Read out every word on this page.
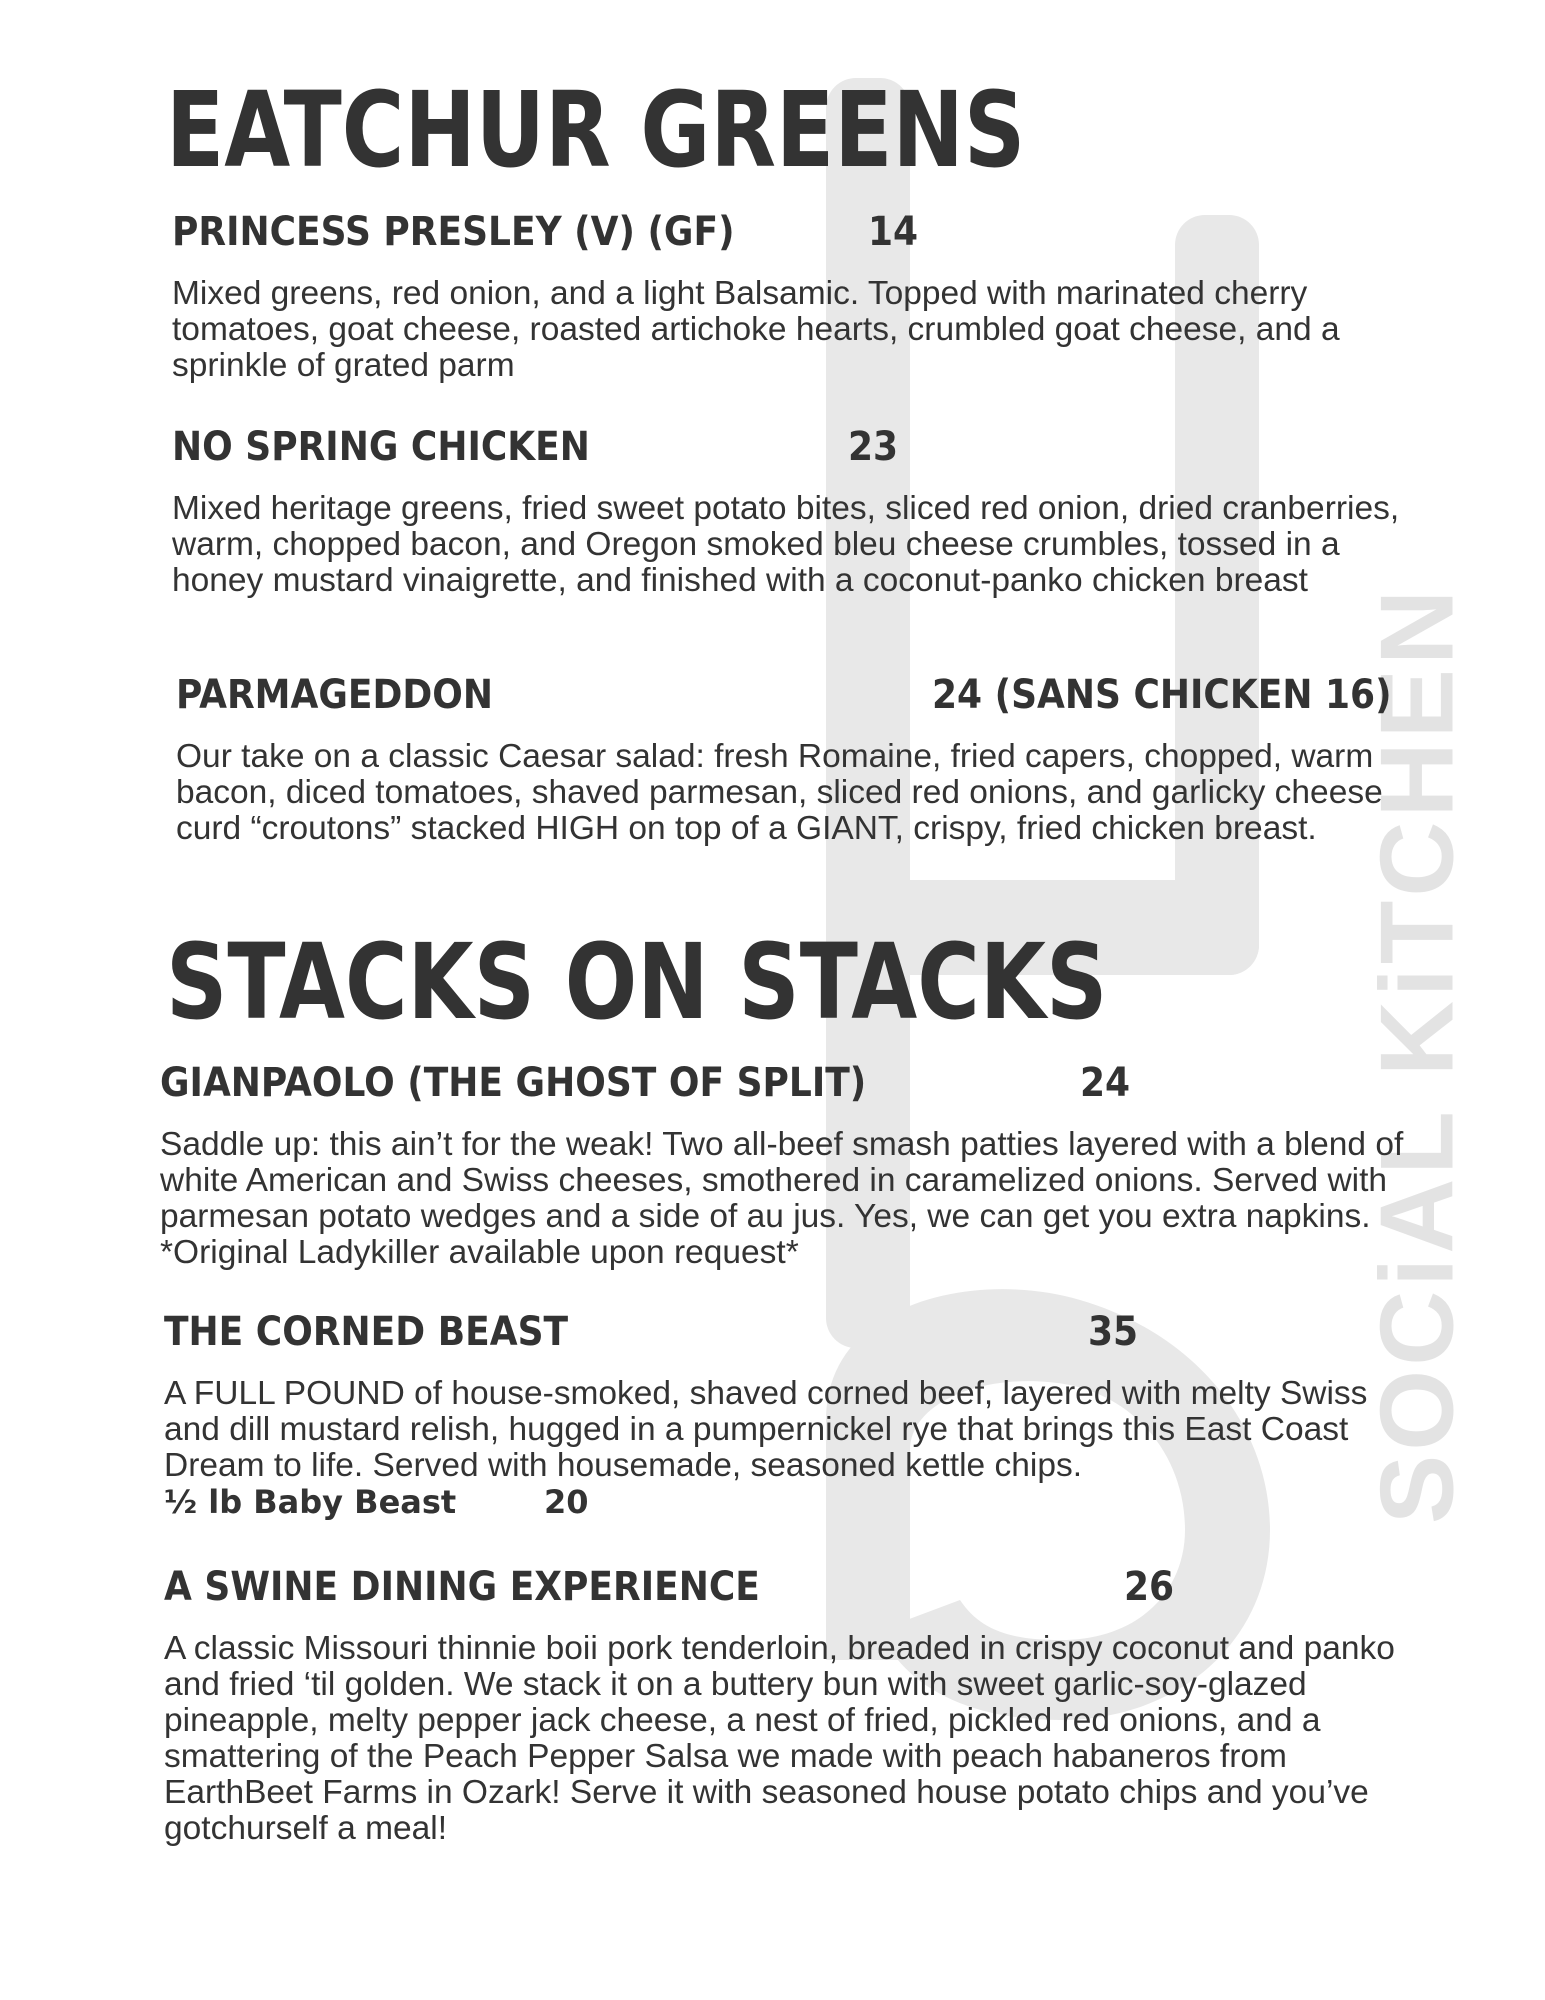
SOCiAL KiTCHEN
EATCHUR GREENS
PRINCESS PRESLEY (V) (GF)	14
Mixed greens, red onion, and a light Balsamic. Topped with marinated cherry tomatoes, goat cheese, roasted artichoke hearts, crumbled goat cheese, and a sprinkle of grated parm
NO SPRING CHICKEN	23
Mixed heritage greens, fried sweet potato bites, sliced red onion, dried cranberries, warm, chopped bacon, and Oregon smoked bleu cheese crumbles, tossed in a honey mustard vinaigrette, and finished with a coconut-panko chicken breast
PARMAGEDDON	24 (SANS CHICKEN 16)
Our take on a classic Caesar salad: fresh Romaine, fried capers, chopped, warm bacon, diced tomatoes, shaved parmesan, sliced red onions, and garlicky cheese curd “croutons” stacked HIGH on top of a GIANT, crispy, fried chicken breast.
STACKS ON STACKS
GIANPAOLO (THE GHOST OF SPLIT)	24
Saddle up: this ain’t for the weak! Two all-beef smash patties layered with a blend of white American and Swiss cheeses, smothered in caramelized onions. Served with parmesan potato wedges and a side of au jus. Yes, we can get you extra napkins. *Original Ladykiller available upon request*
THE CORNED BEAST	35
A FULL POUND of house-smoked, shaved corned beef, layered with melty Swiss and dill mustard relish, hugged in a pumpernickel rye that brings this East Coast Dream to life. Served with housemade, seasoned kettle chips.
½ lb Baby Beast	20
A SWINE DINING EXPERIENCE	26
A classic Missouri thinnie boii pork tenderloin, breaded in crispy coconut and panko and fried ‘til golden. We stack it on a buttery bun with sweet garlic-soy-glazed pineapple, melty pepper jack cheese, a nest of fried, pickled red onions, and a smattering of the Peach Pepper Salsa we made with peach habaneros from EarthBeet Farms in Ozark! Serve it with seasoned house potato chips and you’ve gotchurself a meal!
